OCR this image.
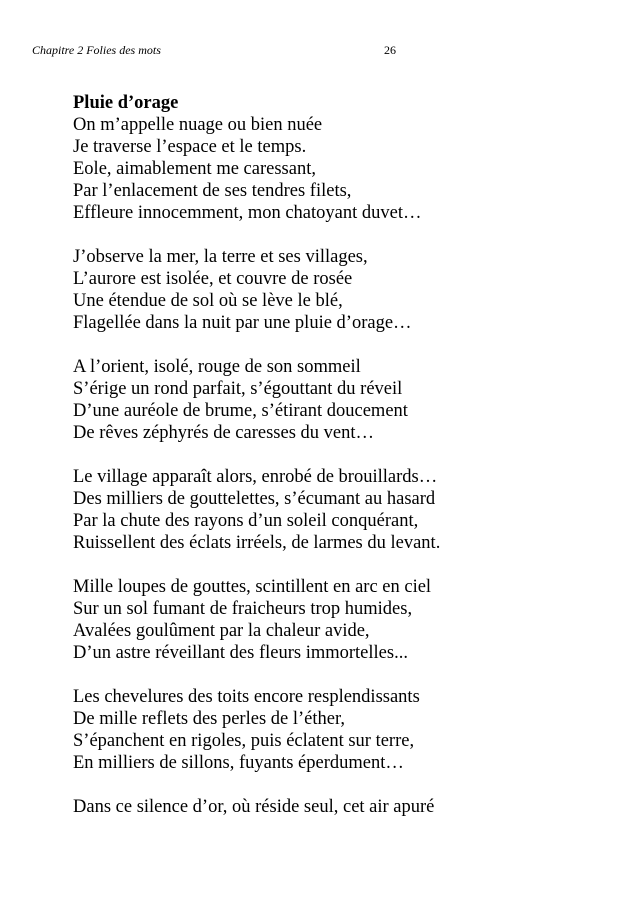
Chapitre 2 Folies des mots	26
Pluie d’orage
On m’appelle nuage ou bien nuée
Je traverse l’espace et le temps.
Eole, aimablement me caressant,
Par l’enlacement de ses tendres filets,
Effleure innocemment, mon chatoyant duvet…
J’observe la mer, la terre et ses villages,
L’aurore est isolée, et couvre de rosée
Une étendue de sol où se lève le blé,
Flagellée dans la nuit par une pluie d’orage…
A l’orient, isolé, rouge de son sommeil
S’érige un rond parfait, s’égouttant du réveil
D’une auréole de brume, s’étirant doucement
De rêves zéphyrés de caresses du vent…
Le village apparaît alors, enrobé de brouillards…
Des milliers de gouttelettes, s’écumant au hasard
Par la chute des rayons d’un soleil conquérant,
Ruissellent des éclats irréels, de larmes du levant.
Mille loupes de gouttes, scintillent en arc en ciel
Sur un sol fumant de fraicheurs trop humides,
Avalées goulûment par la chaleur avide,
D’un astre réveillant des fleurs immortelles...
Les chevelures des toits encore resplendissants
De mille reflets des perles de l’éther,
S’épanchent en rigoles, puis éclatent sur terre,
En milliers de sillons, fuyants éperdument…
Dans ce silence d’or, où réside seul, cet air apuré
